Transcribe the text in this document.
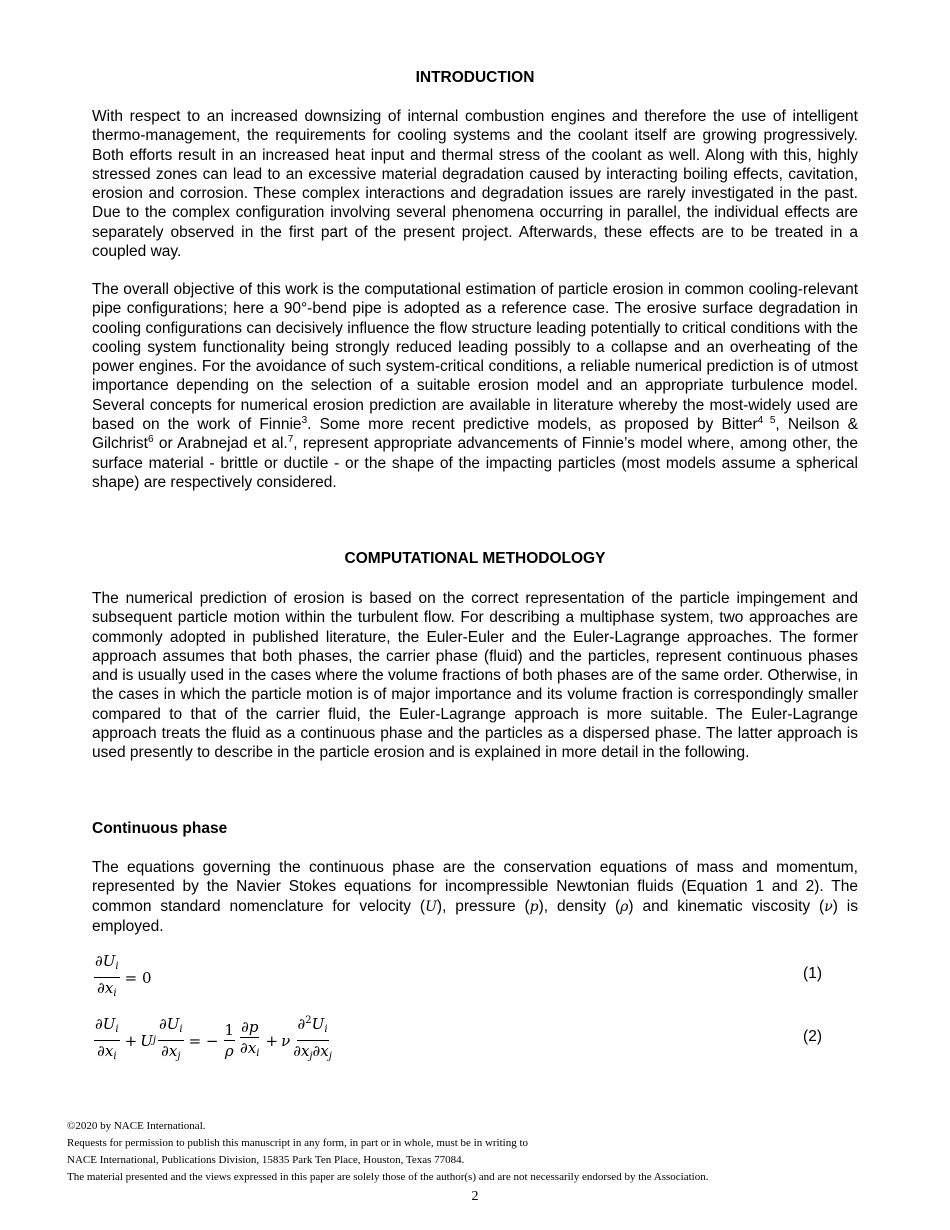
INTRODUCTION

With respect to an increased downsizing of internal combustion engines and therefore the use of intelligent thermo-management, the requirements for cooling systems and the coolant itself are growing progressively. Both efforts result in an increased heat input and thermal stress of the coolant as well. Along with this, highly stressed zones can lead to an excessive material degradation caused by interacting boiling effects, cavitation, erosion and corrosion. These complex interactions and degradation issues are rarely investigated in the past. Due to the complex configuration involving several phenomena occurring in parallel, the individual effects are separately observed in the first part of the present project. Afterwards, these effects are to be treated in a coupled way.

The overall objective of this work is the computational estimation of particle erosion in common cooling-relevant pipe configurations; here a 90°-bend pipe is adopted as a reference case. The erosive surface degradation in cooling configurations can decisively influence the flow structure leading potentially to critical conditions with the cooling system functionality being strongly reduced leading possibly to a collapse and an overheating of the power engines. For the avoidance of such system-critical conditions, a reliable numerical prediction is of utmost importance depending on the selection of a suitable erosion model and an appropriate turbulence model. Several concepts for numerical erosion prediction are available in literature whereby the most-widely used are based on the work of Finnie$^3$. Some more recent predictive models, as proposed by Bitter$^{4 5}$, Neilson & Gilchrist$^6$ or Arabnejad et al.$^7$, represent appropriate advancements of Finnie’s model where, among other, the surface material - brittle or ductile - or the shape of the impacting particles (most models assume a spherical shape) are respectively considered.

COMPUTATIONAL METHODOLOGY

The numerical prediction of erosion is based on the correct representation of the particle impingement and subsequent particle motion within the turbulent flow. For describing a multiphase system, two approaches are commonly adopted in published literature, the Euler-Euler and the Euler-Lagrange approaches. The former approach assumes that both phases, the carrier phase (fluid) and the particles, represent continuous phases and is usually used in the cases where the volume fractions of both phases are of the same order. Otherwise, in the cases in which the particle motion is of major importance and its volume fraction is correspondingly smaller compared to that of the carrier fluid, the Euler-Lagrange approach is more suitable. The Euler-Lagrange approach treats the fluid as a continuous phase and the particles as a dispersed phase. The latter approach is used presently to describe in the particle erosion and is explained in more detail in the following.

Continuous phase

The equations governing the continuous phase are the conservation equations of mass and momentum, represented by the Navier Stokes equations for incompressible Newtonian fluids (Equation 1 and 2). The common standard nomenclature for velocity (U), pressure (p), density (ρ) and kinematic viscosity (ν) is employed.

$\frac{\partial U_i}{\partial x_i} = 0$	(1)
$\frac{\partial U_i}{\partial x_i} + U$ j $\frac{\partial U_i}{\partial x_j}$ = − $\frac{1}{\rho} \frac{\partial p}{\partial x_i} + \nu \frac{\partial^2U_i}{\partial x_j\partial x_j}$	(2)
©2020 by NACE International.
Requests for permission to publish this manuscript in any form, in part or in whole, must be in writing to
NACE International, Publications Division, 15835 Park Ten Place, Houston, Texas 77084.
The material presented and the views expressed in this paper are solely those of the author(s) and are not necessarily endorsed by the Association.
2
